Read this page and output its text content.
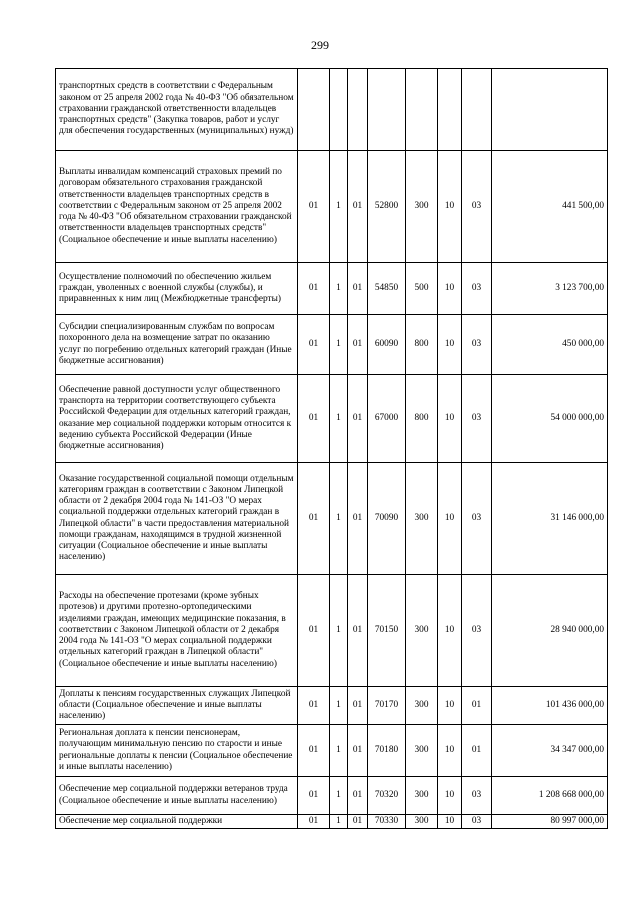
299
транспортных средств в соответствии с Федеральным законом от 25 апреля 2002 года № 40-ФЗ "Об обязательном страховании гражданской ответственности владельцев транспортных средств" (Закупка товаров, работ и услуг для обеспечения государственных (муниципальных) нужд)								
Выплаты инвалидам компенсаций страховых премий по договорам обязательного страхования гражданской ответственности владельцев транспортных средств в соответствии с Федеральным законом от 25 апреля 2002 года № 40-ФЗ "Об обязательном страховании гражданской ответственности владельцев транспортных средств" (Социальное обеспечение и иные выплаты населению)	01	1	01	52800	300	10	03	441 500,00
Осуществление полномочий по обеспечению жильем граждан, уволенных с военной службы (службы), и приравненных к ним лиц (Межбюджетные трансферты)	01	1	01	54850	500	10	03	3 123 700,00
Субсидии специализированным службам по вопросам похоронного дела на возмещение затрат по оказанию услуг по погребению отдельных категорий граждан (Иные бюджетные ассигнования)	01	1	01	60090	800	10	03	450 000,00
Обеспечение равной доступности услуг общественного транспорта на территории соответствующего субъекта Российской Федерации для отдельных категорий граждан, оказание мер социальной поддержки которым относится к ведению субъекта Российской Федерации (Иные бюджетные ассигнования)	01	1	01	67000	800	10	03	54 000 000,00
Оказание государственной социальной помощи отдельным категориям граждан в соответствии с Законом Липецкой области от 2 декабря 2004 года № 141-ОЗ "О мерах социальной поддержки отдельных категорий граждан в Липецкой области" в части предоставления материальной помощи гражданам, находящимся в трудной жизненной ситуации (Социальное обеспечение и иные выплаты населению)	01	1	01	70090	300	10	03	31 146 000,00
Расходы на обеспечение протезами (кроме зубных протезов) и другими протезно-ортопедическими изделиями граждан, имеющих медицинские показания, в соответствии с Законом Липецкой области от 2 декабря 2004 года № 141-ОЗ "О мерах социальной поддержки отдельных категорий граждан в Липецкой области" (Социальное обеспечение и иные выплаты населению)	01	1	01	70150	300	10	03	28 940 000,00
Доплаты к пенсиям государственных служащих Липецкой области (Социальное обеспечение и иные выплаты населению)	01	1	01	70170	300	10	01	101 436 000,00
Региональная доплата к пенсии пенсионерам, получающим минимальную пенсию по старости и иные региональные доплаты к пенсии (Социальное обеспечение и иные выплаты населению)	01	1	01	70180	300	10	01	34 347 000,00
Обеспечение мер социальной поддержки ветеранов труда (Социальное обеспечение и иные выплаты населению)	01	1	01	70320	300	10	03	1 208 668 000,00
Обеспечение мер социальной поддержки	01	1	01	70330	300	10	03	80 997 000,00
